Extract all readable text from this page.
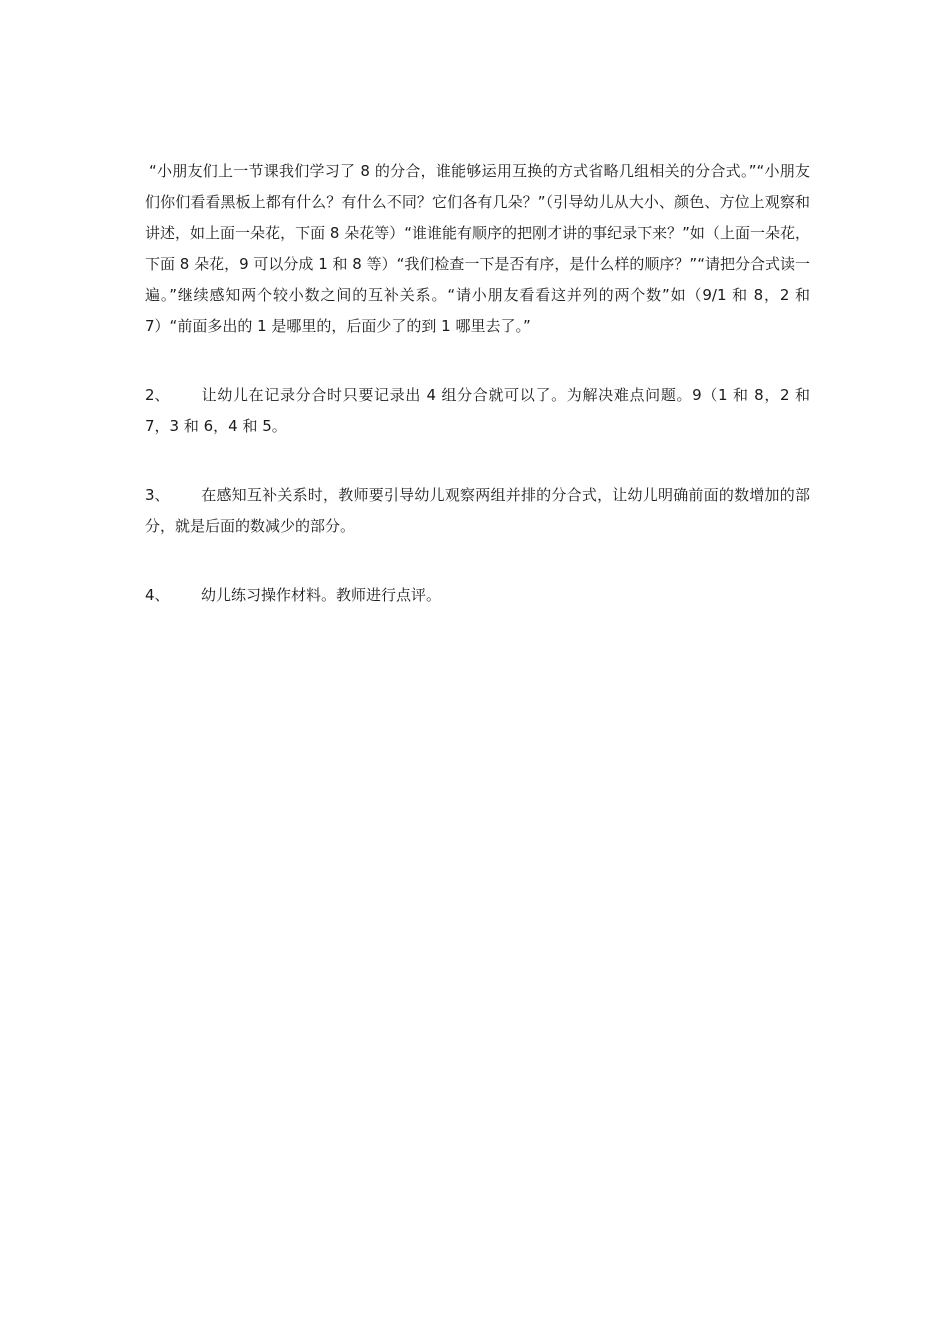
“小朋友们上一节课我们学习了 8 的分合，谁能够运用互换的方式省略几组相关的分合式。”“小朋友们你们看看黑板上都有什么？有什么不同？它们各有几朵？”（引导幼儿从大小、颜色、方位上观察和讲述，如上面一朵花，下面 8 朵花等）“谁谁能有顺序的把刚才讲的事纪录下来？”如（上面一朵花，下面 8 朵花，9 可以分成 1 和 8 等）“我们检查一下是否有序，是什么样的顺序？”“请把分合式读一遍。”继续感知两个较小数之间的互补关系。“请小朋友看看这并列的两个数”如（9/1 和 8，2 和 7）“前面多出的 1 是哪里的，后面少了的到 1 哪里去了。”

2、 让幼儿在记录分合时只要记录出 4 组分合就可以了。为解决难点问题。9（1 和 8，2 和 7，3 和 6，4 和 5。

3、 在感知互补关系时，教师要引导幼儿观察两组并排的分合式，让幼儿明确前面的数增加的部分，就是后面的数减少的部分。

4、 幼儿练习操作材料。教师进行点评。
